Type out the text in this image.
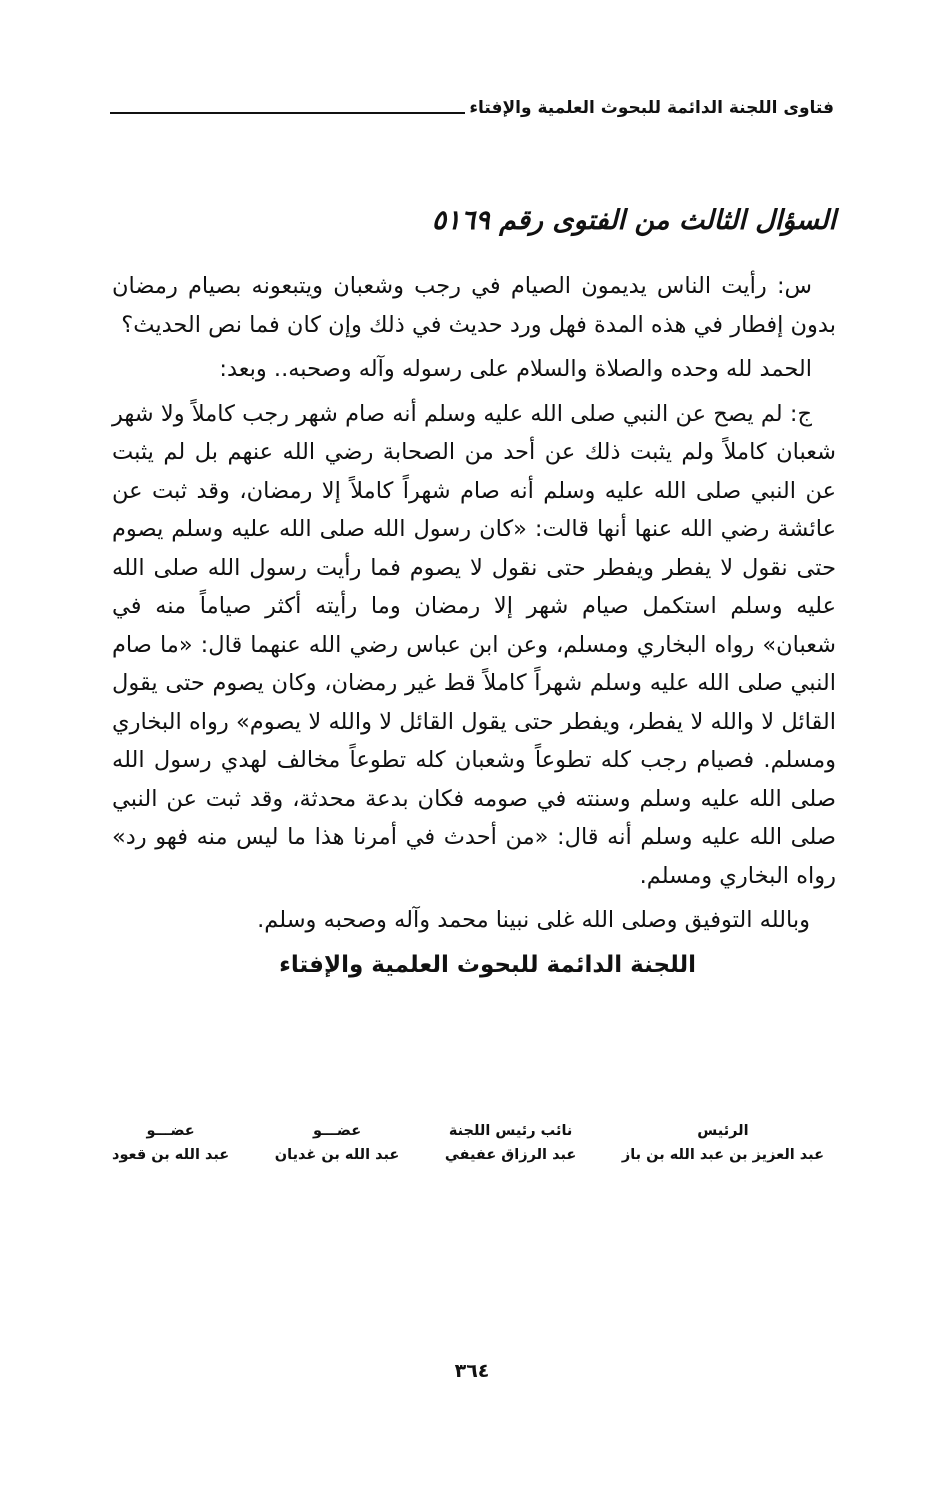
فتاوى اللجنة الدائمة للبحوث العلمية والإفتاء
السؤال الثالث من الفتوى رقم ٥١٦٩

س: رأيت الناس يديمون الصيام في رجب وشعبان ويتبعونه بصيام رمضان بدون إفطار في هذه المدة فهل ورد حديث في ذلك وإن كان فما نص الحديث؟

الحمد لله وحده والصلاة والسلام على رسوله وآله وصحبه.. وبعد:

ج: لم يصح عن النبي صلى الله عليه وسلم أنه صام شهر رجب كاملاً ولا شهر شعبان كاملاً ولم يثبت ذلك عن أحد من الصحابة رضي الله عنهم بل لم يثبت عن النبي صلى الله عليه وسلم أنه صام شهراً كاملاً إلا رمضان، وقد ثبت عن عائشة رضي الله عنها أنها قالت: «كان رسول الله صلى الله عليه وسلم يصوم حتى نقول لا يفطر ويفطر حتى نقول لا يصوم فما رأيت رسول الله صلى الله عليه وسلم استكمل صيام شهر إلا رمضان وما رأيته أكثر صياماً منه في شعبان» رواه البخاري ومسلم، وعن ابن عباس رضي الله عنهما قال: «ما صام النبي صلى الله عليه وسلم شهراً كاملاً قط غير رمضان، وكان يصوم حتى يقول القائل لا والله لا يفطر، ويفطر حتى يقول القائل لا والله لا يصوم» رواه البخاري ومسلم. فصيام رجب كله تطوعاً وشعبان كله تطوعاً مخالف لهدي رسول الله صلى الله عليه وسلم وسنته في صومه فكان بدعة محدثة، وقد ثبت عن النبي صلى الله عليه وسلم أنه قال: «من أحدث في أمرنا هذا ما ليس منه فهو رد» رواه البخاري ومسلم.

وبالله التوفيق وصلى الله غلى نبينا محمد وآله وصحبه وسلم.

اللجنة الدائمة للبحوث العلمية والإفتاء

الرئيس
عبد العزيز بن عبد الله بن باز
نائب رئيس اللجنة
عبد الرزاق عفيفي
عضـــو
عبد الله بن غديان
عضـــو
عبد الله بن قعود
٣٦٤
